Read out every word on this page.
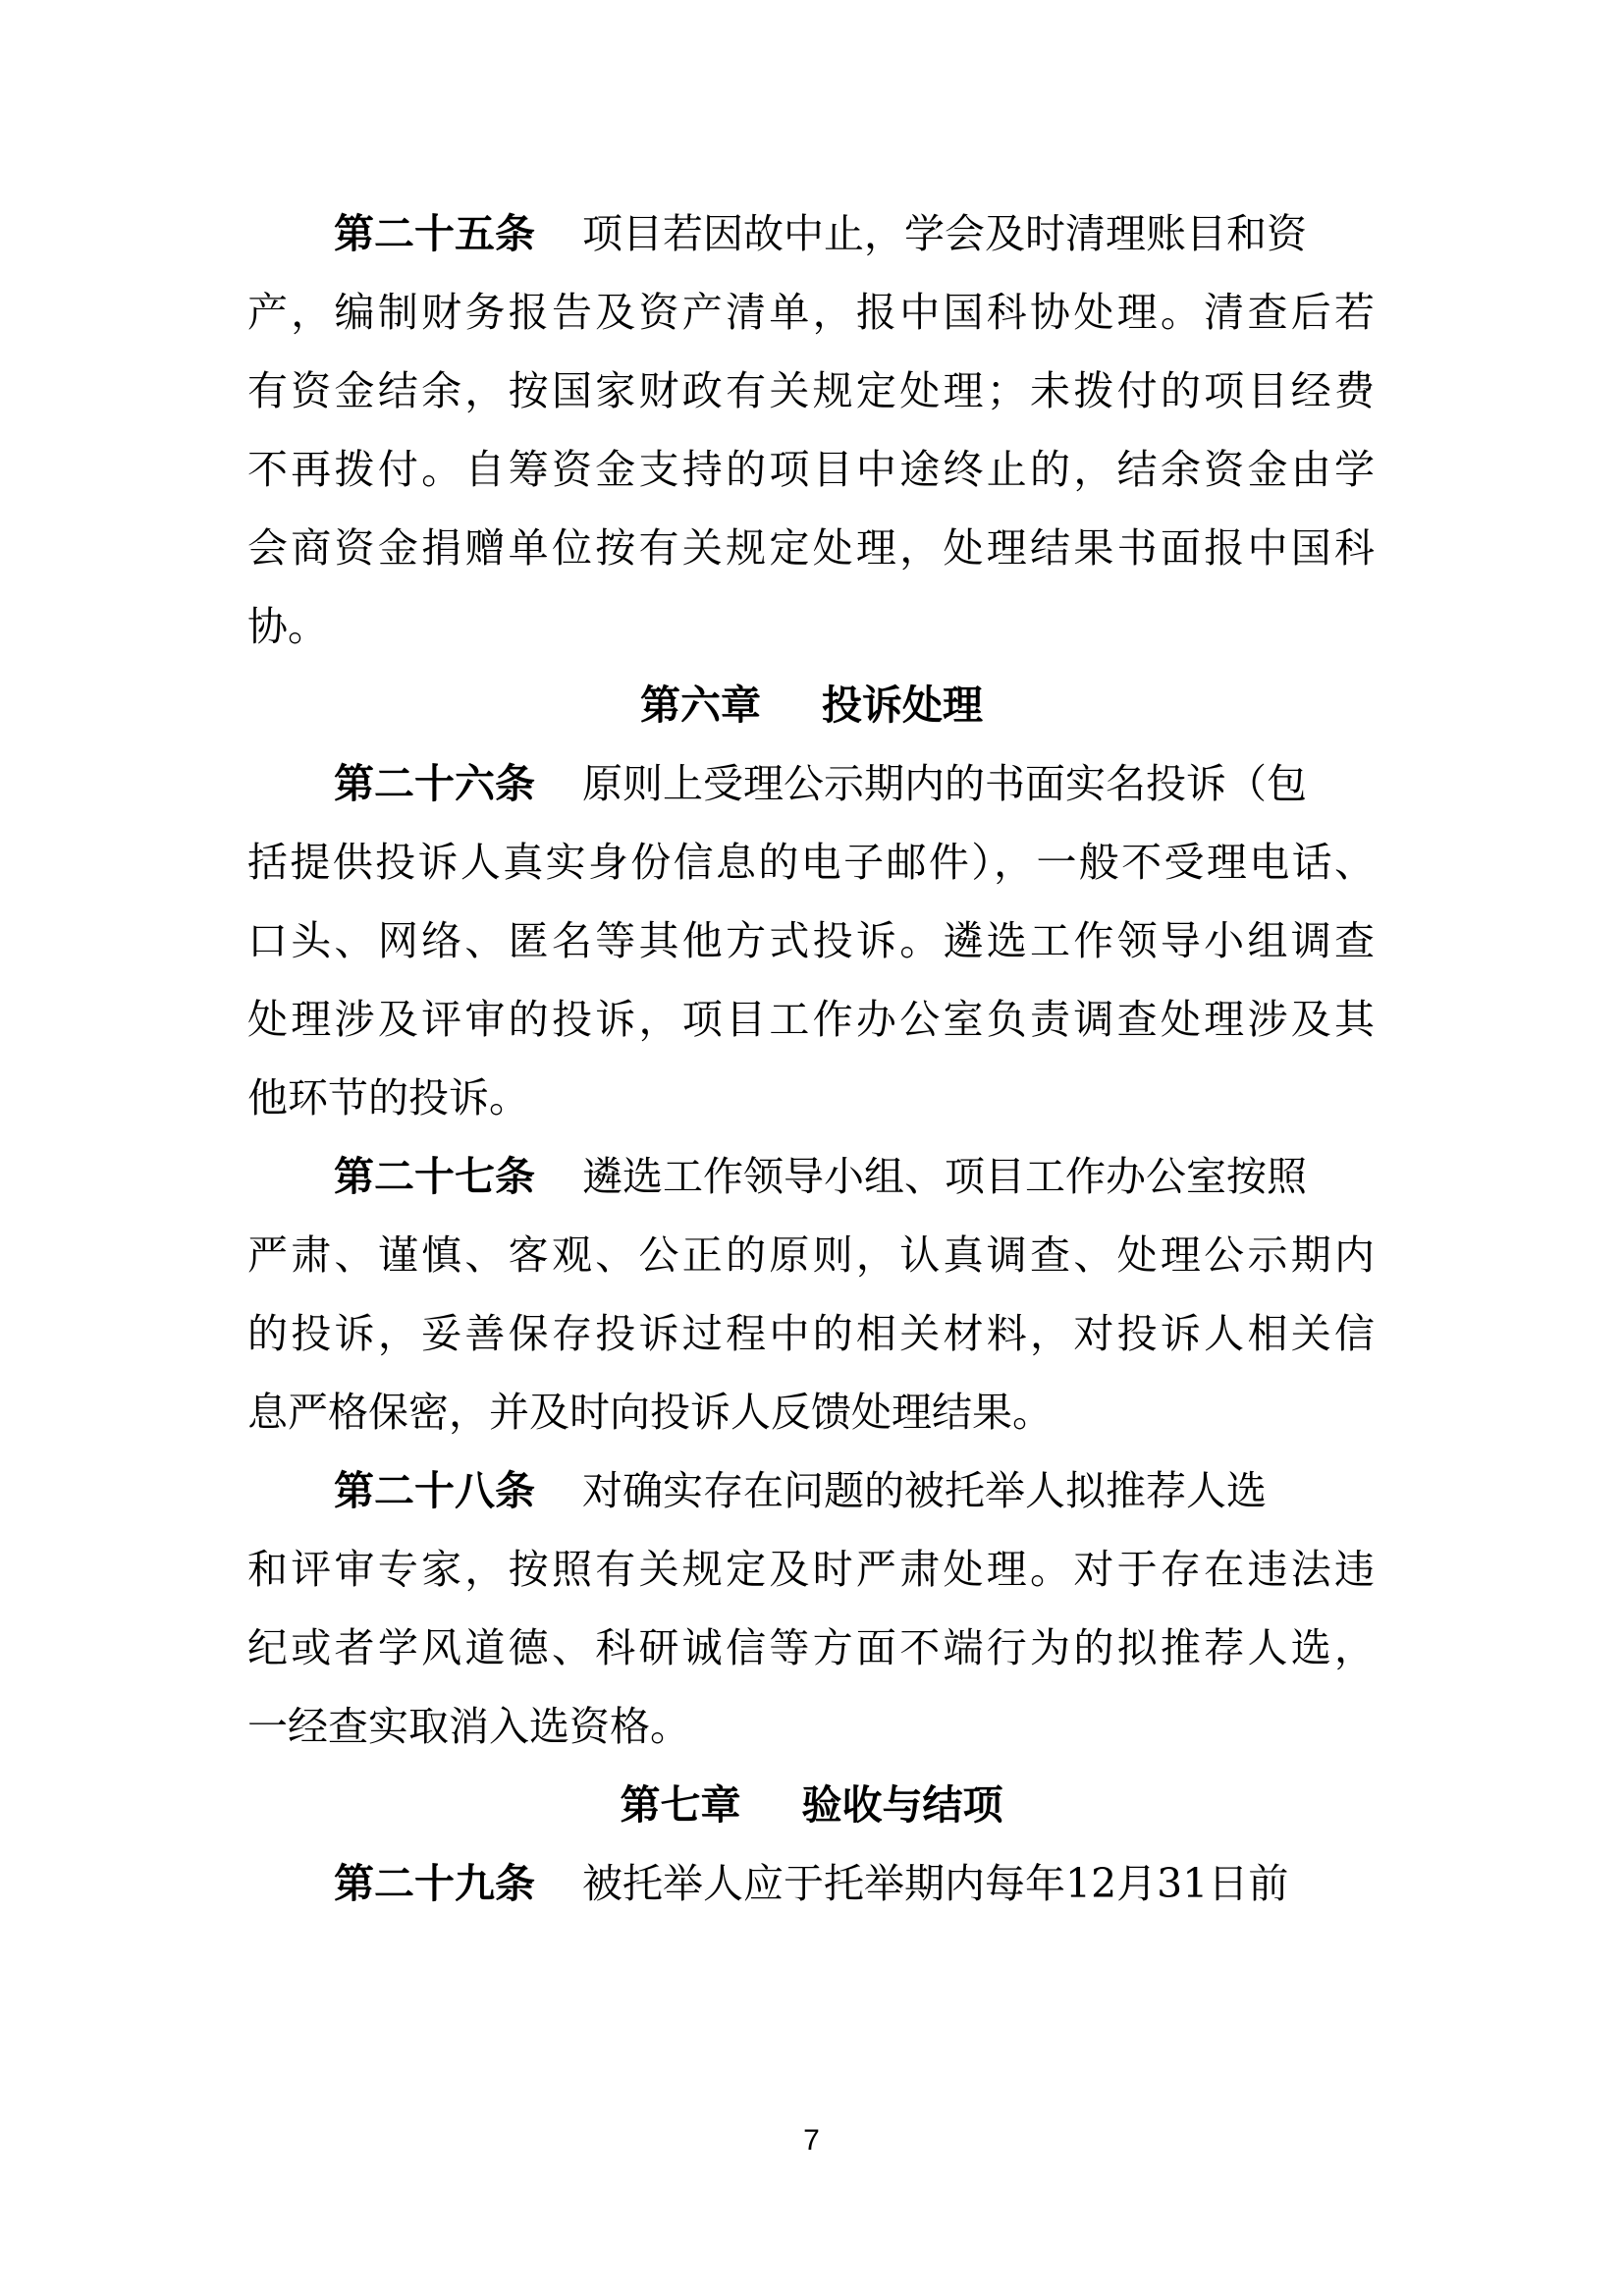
第二十五条 项目若因故中止，学会及时清理账目和资
产，编制财务报告及资产清单，报中国科协处理。清查后若
有资金结余，按国家财政有关规定处理；未拨付的项目经费
不再拨付。自筹资金支持的项目中途终止的，结余资金由学
会商资金捐赠单位按有关规定处理，处理结果书面报中国科
协。
第六章 投诉处理
第二十六条 原则上受理公示期内的书面实名投诉（包
括提供投诉人真实身份信息的电子邮件），一般不受理电话、
口头、网络、匿名等其他方式投诉。遴选工作领导小组调查
处理涉及评审的投诉，项目工作办公室负责调查处理涉及其
他环节的投诉。
第二十七条 遴选工作领导小组、项目工作办公室按照
严肃、谨慎、客观、公正的原则，认真调查、处理公示期内
的投诉，妥善保存投诉过程中的相关材料，对投诉人相关信
息严格保密，并及时向投诉人反馈处理结果。
第二十八条 对确实存在问题的被托举人拟推荐人选
和评审专家，按照有关规定及时严肃处理。对于存在违法违
纪或者学风道德、科研诚信等方面不端行为的拟推荐人选，
一经查实取消入选资格。
第七章 验收与结项
第二十九条 被托举人应于托举期内每年12月31日前
7
